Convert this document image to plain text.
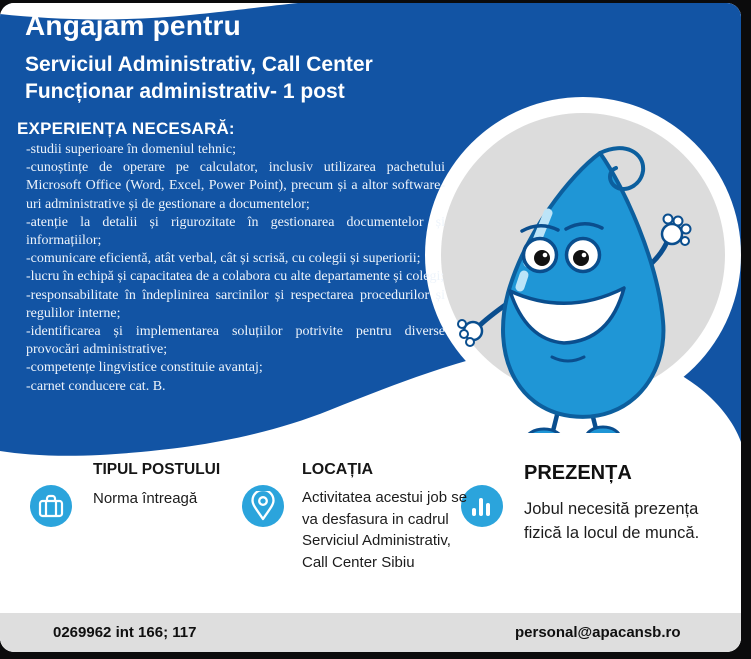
Angajăm pentru
Serviciul Administrativ, Call Center
Funcționar administrativ- 1 post
EXPERIENȚA NECESARĂ:

-studii superioare în domeniul tehnic;

-cunoștințe de operare pe calculator, inclusiv utilizarea pachetului Microsoft Office (Word, Excel, Power Point), precum și a altor software-uri administrative și de gestionare a documentelor;

-atenție la detalii și rigurozitate în gestionarea documentelor și informațiilor;

-comunicare eficientă, atât verbal, cât și scrisă, cu colegii și superiorii;

-lucru în echipă și capacitatea de a colabora cu alte departamente și colegi;

-responsabilitate în îndeplinirea sarcinilor și respectarea procedurilor și regulilor interne;

-identificarea și implementarea soluțiilor potrivite pentru diverse provocări administrative;

-competențe lingvistice constituie avantaj;

-carnet conducere cat. B.

TIPUL POSTULUI
Norma întreagă
LOCAȚIA
Activitatea acestui job se va desfasura in cadrul Serviciul Administrativ, Call Center Sibiu
PREZENȚA
Jobul necesită prezența fizică la locul de muncă.
0269962 int 166; 117	personal@apacansb.ro
